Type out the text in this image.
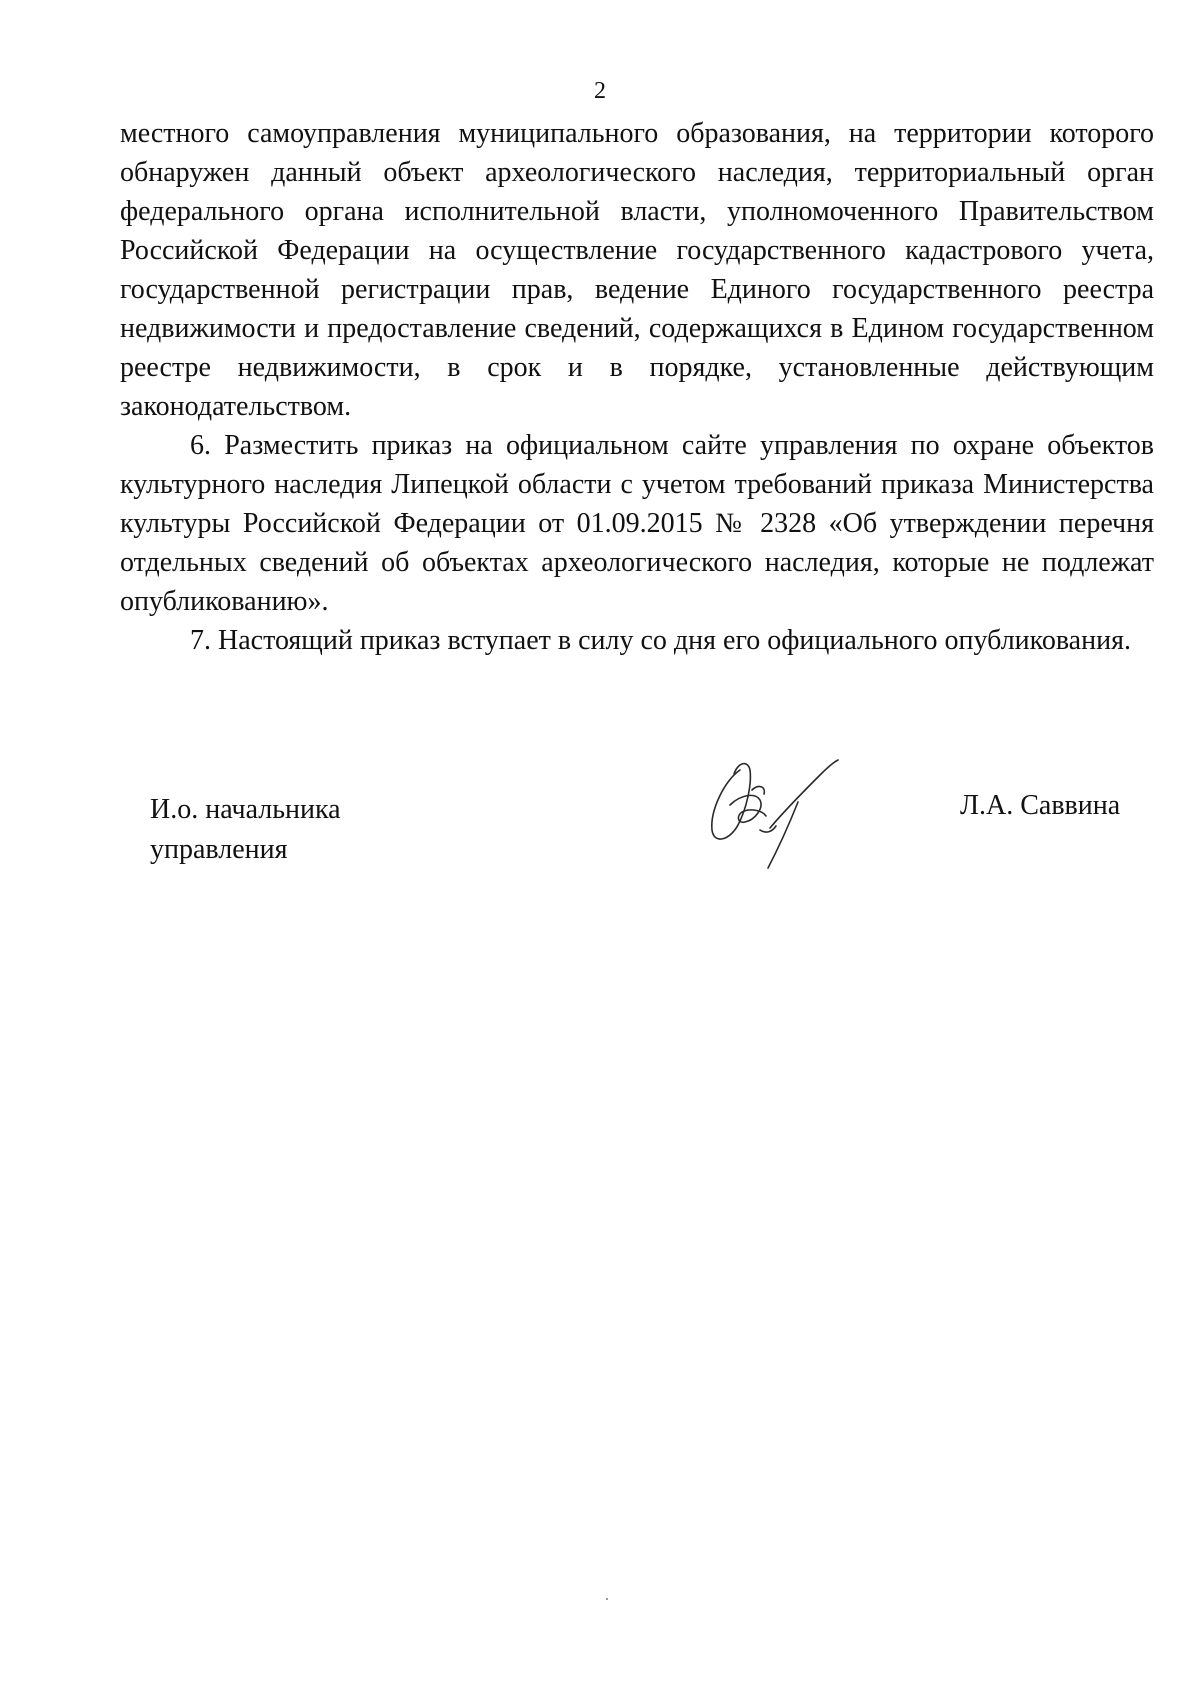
2

местного самоуправления муниципального образования, на территории которого обнаружен данный объект археологического наследия, территориальный орган федерального органа исполнительной власти, уполномоченного Правительством Российской Федерации на осуществление государственного кадастрового учета, государственной регистрации прав, ведение Единого государственного реестра недвижимости и предоставление сведений, содержащихся в Едином государственном реестре недвижимости, в срок и в порядке, установленные действующим законодательством.

6. Разместить приказ на официальном сайте управления по охране объектов культурного наследия Липецкой области с учетом требований приказа Министерства культуры Российской Федерации от 01.09.2015 № 2328 «Об утверждении перечня отдельных сведений об объектах археологического наследия, которые не подлежат опубликованию».

7. Настоящий приказ вступает в силу со дня его официального опубликования.

И.о. начальника
управления
Л.А. Саввина
